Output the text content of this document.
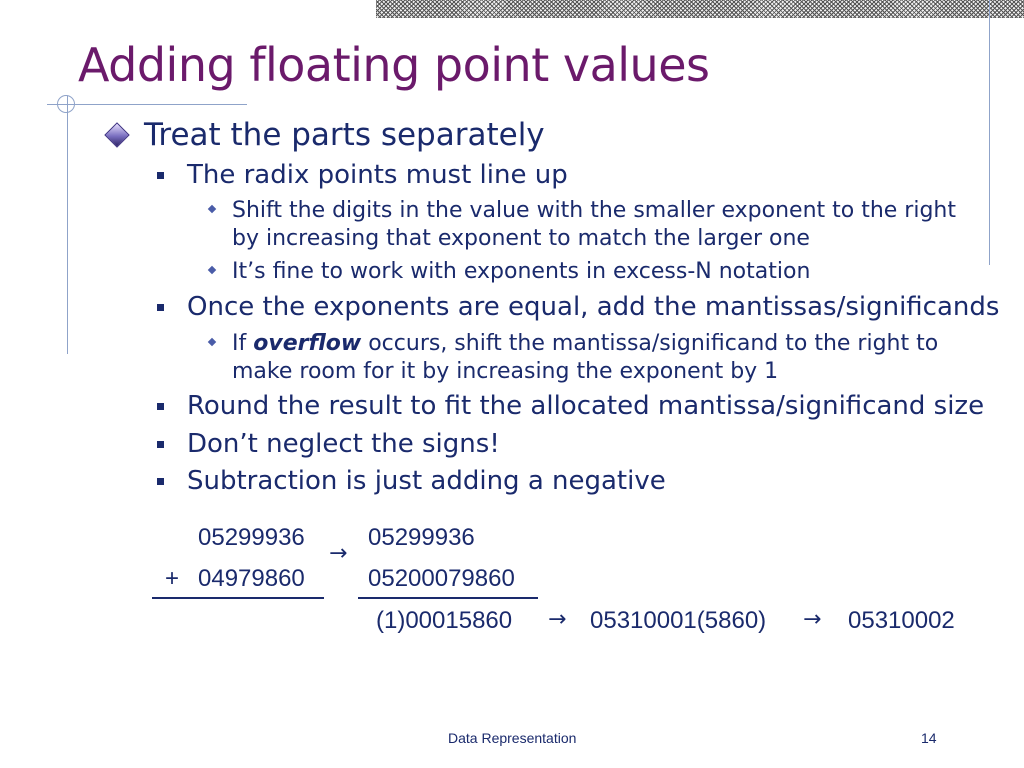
Adding floating point values
Treat the parts separately
The radix points must line up
Shift the digits in the value with the smaller exponent to the right
by increasing that exponent to match the larger one
It’s fine to work with exponents in excess-N notation
Once the exponents are equal, add the mantissas/significands
If overflow occurs, shift the mantissa/significand to the right to
make room for it by increasing the exponent by 1
Round the result to fit the allocated mantissa/significand size
Don’t neglect the signs!
Subtraction is just adding a negative
05299936	05299936
→
+ 04979860	05200079860
(1)00015860 → 05310001(5860) → 05310002
Data Representation	14
